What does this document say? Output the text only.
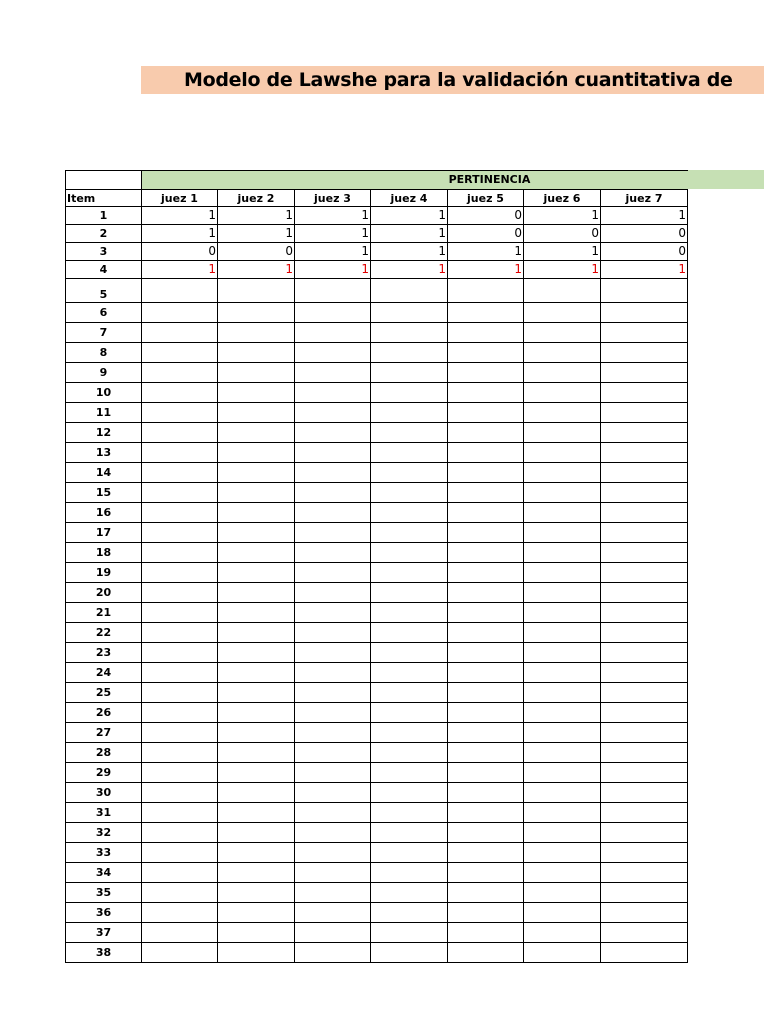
Modelo de Lawshe para la validación cuantitativa de
PERTINENCIA

Item	juez 1	juez 2	juez 3	juez 4	juez 5	juez 6	juez 7
1	1	1	1	1	0	1	1
2	1	1	1	1	0	0	0
3	0	0	1	1	1	1	0
4	1	1	1	1	1	1	1
5							
6							
7							
8							
9							
10							
11							
12							
13							
14							
15							
16							
17							
18							
19							
20							
21							
22							
23							
24							
25							
26							
27							
28							
29							
30							
31							
32							
33							
34							
35							
36							
37							
38							
